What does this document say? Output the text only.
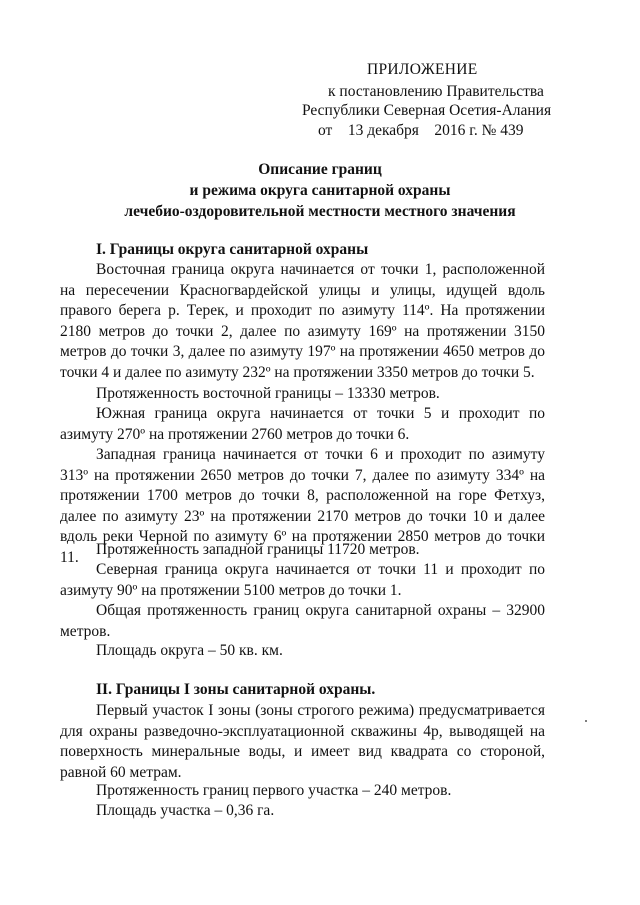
ПРИЛОЖЕНИЕ
к постановлению Правительства
Республики Северная Осетия-Алания
от    13 декабря    2016 г. № 439
Описание границ
и режима округа санитарной охраны
лечебио-оздоровительной местности местного значения
I. Границы округа санитарной охраны

Восточная граница округа начинается от точки 1, расположенной на пересечении Красногвардейской улицы и улицы, идущей вдоль правого берега р. Терек, и проходит по азимуту 114º. На протяжении 2180 метров до точки 2, далее по азимуту 169º на протяжении 3150 метров до точки 3, далее по азимуту 197º на протяжении 4650 метров до точки 4 и далее по азимуту 232º на протяжении 3350 метров до точки 5.

Протяженность восточной границы – 13330 метров.

Южная граница округа начинается от точки 5 и проходит по азимуту 270º на протяжении 2760 метров до точки 6.

Западная граница начинается от точки 6 и проходит по азимуту 313º на протяжении 2650 метров до точки 7, далее по азимуту 334º на протяжении 1700 метров до точки 8, расположенной на горе Фетхуз, далее по азимуту 23º на протяжении 2170 метров до точки 10 и далее вдоль реки Черной по азимуту 6º на протяжении 2850 метров до точки 11.	Протяженность западной границы 11720 метров.

Северная граница округа начинается от точки 11 и проходит по азимуту 90º на протяжении 5100 метров до точки 1.

Общая протяженность границ округа санитарной охраны – 32900 метров.

Площадь округа – 50 кв. км.

II. Границы I зоны санитарной охраны.

Первый участок I зоны (зоны строгого режима) предусматривается для охраны разведочно-эксплуатационной скважины 4р, выводящей на поверхность минеральные воды, и имеет вид квадрата со стороной, равной 60 метрам.

Протяженность границ первого участка – 240 метров.

Площадь участка – 0,36 га.
